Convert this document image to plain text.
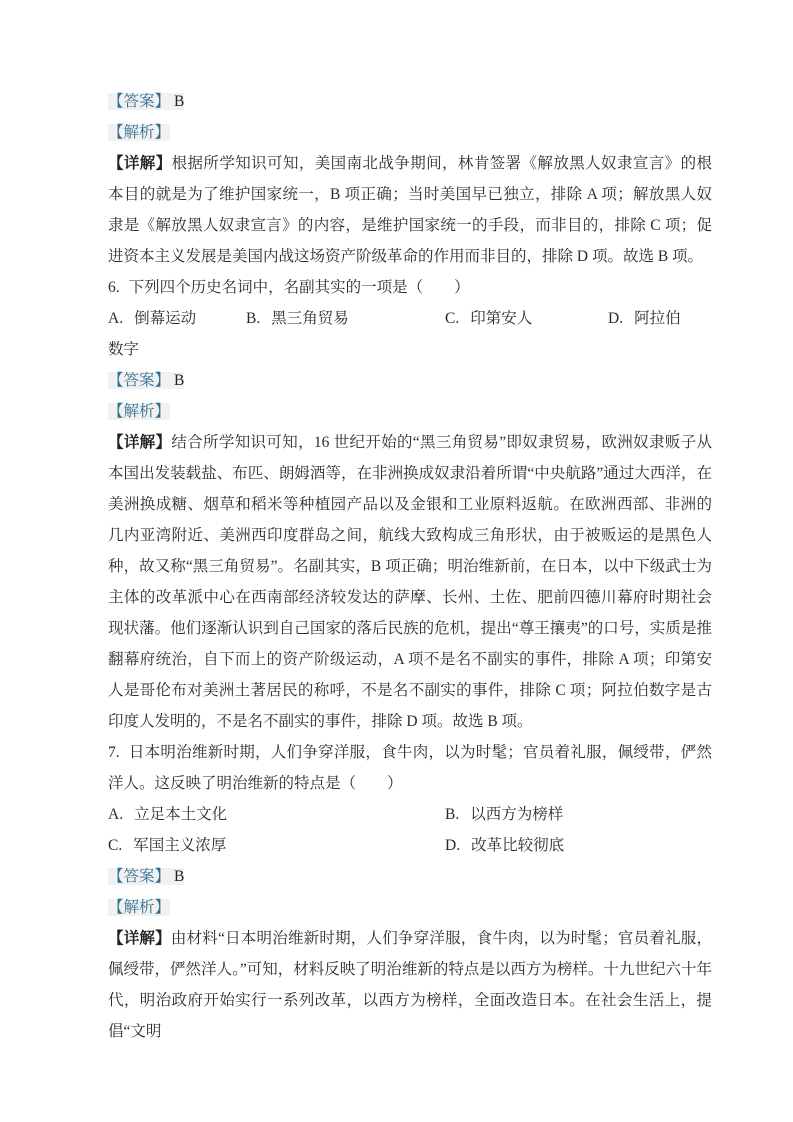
【答案】 B

【解析】

【详解】根据所学知识可知，美国南北战争期间，林肯签署《解放黑人奴隶宣言》的根本目的就是为了维护国家统一，B 项正确；当时美国早已独立，排除 A 项；解放黑人奴隶是《解放黑人奴隶宣言》的内容，是维护国家统一的手段，而非目的，排除 C 项；促进资本主义发展是美国内战这场资产阶级革命的作用而非目的，排除 D 项。故选 B 项。

6. 下列四个历史名词中，名副其实的一项是（　　）

A. 倒幕运动	B. 黑三角贸易	C. 印第安人	D. 阿拉伯

数字

【答案】 B

【解析】

【详解】结合所学知识可知，16 世纪开始的“黑三角贸易”即奴隶贸易，欧洲奴隶贩子从本国出发装载盐、布匹、朗姆酒等，在非洲换成奴隶沿着所谓“中央航路”通过大西洋，在美洲换成糖、烟草和稻米等种植园产品以及金银和工业原料返航。在欧洲西部、非洲的几内亚湾附近、美洲西印度群岛之间，航线大致构成三角形状，由于被贩运的是黑色人种，故又称“黑三角贸易”。名副其实，B 项正确；明治维新前，在日本，以中下级武士为主体的改革派中心在西南部经济较发达的萨摩、长州、土佐、肥前四德川幕府时期社会现状藩。他们逐渐认识到自己国家的落后民族的危机，提出“尊王攘夷”的口号，实质是推翻幕府统治，自下而上的资产阶级运动，A 项不是名不副实的事件，排除 A 项；印第安人是哥伦布对美洲土著居民的称呼，不是名不副实的事件，排除 C 项；阿拉伯数字是古印度人发明的，不是名不副实的事件，排除 D 项。故选 B 项。

7. 日本明治维新时期，人们争穿洋服，食牛肉，以为时髦；官员着礼服，佩绶带，俨然洋人。这反映了明治维新的特点是（　　）

A. 立足本土文化	B. 以西方为榜样
C. 军国主义浓厚	D. 改革比较彻底

【答案】 B

【解析】

【详解】由材料“日本明治维新时期，人们争穿洋服，食牛肉，以为时髦；官员着礼服，佩绶带，俨然洋人。”可知，材料反映了明治维新的特点是以西方为榜样。十九世纪六十年代，明治政府开始实行一系列改革，以西方为榜样，全面改造日本。在社会生活上，提倡“文明
